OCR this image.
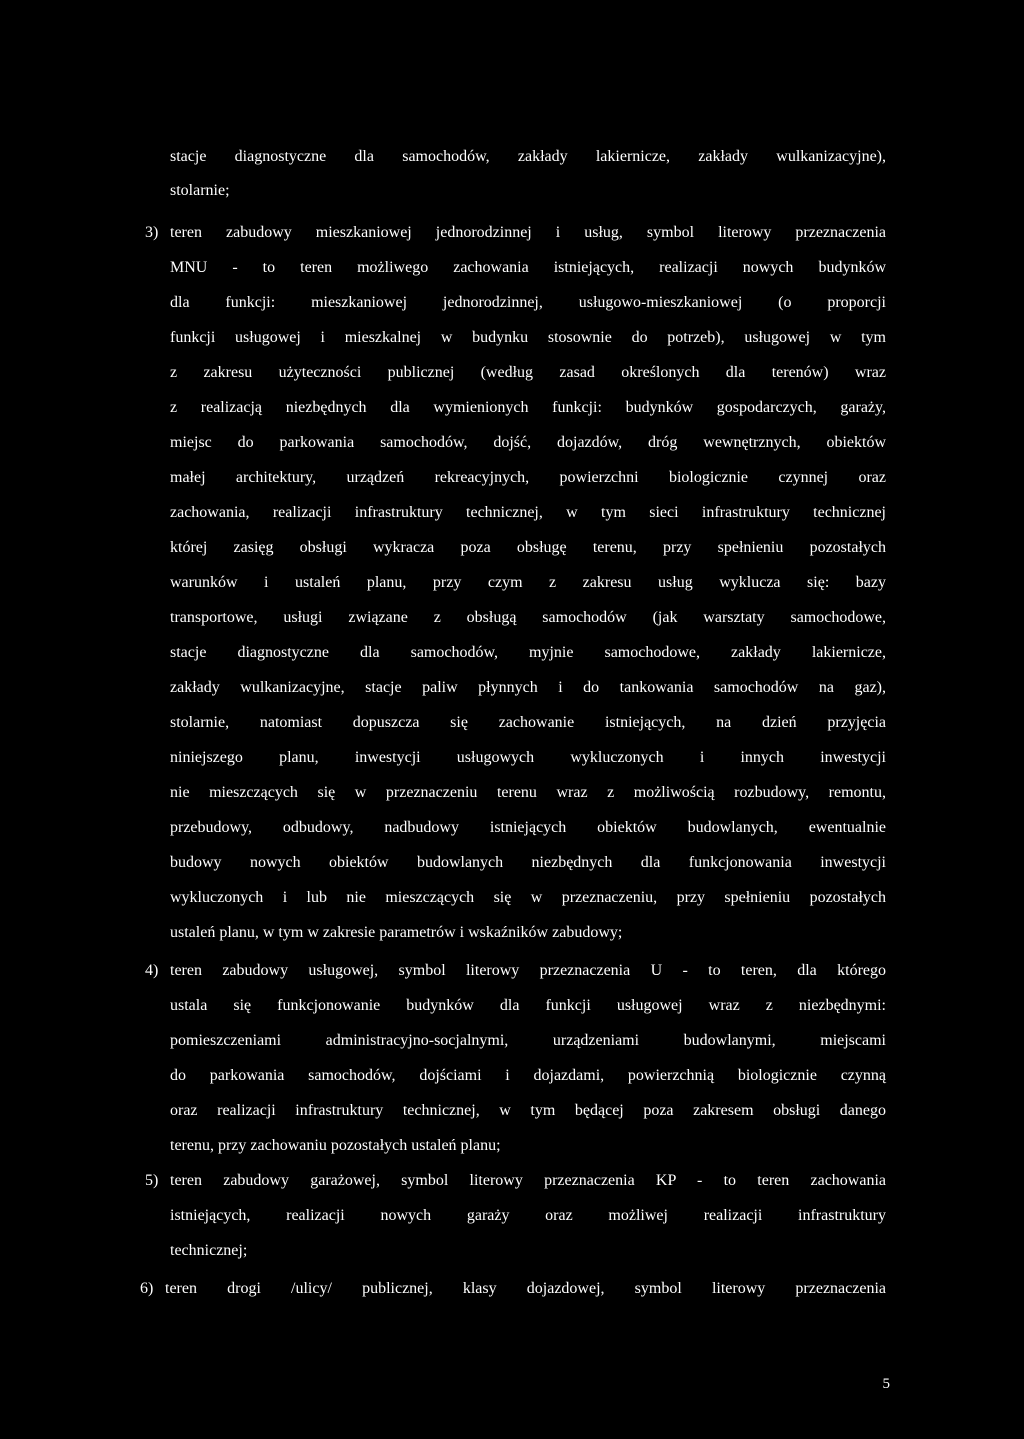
stacje diagnostyczne dla samochodów, zakłady lakiernicze, zakłady wulkanizacyjne),
stolarnie;
teren zabudowy mieszkaniowej jednorodzinnej i usług, symbol literowy przeznaczenia
MNU - to teren możliwego zachowania istniejących, realizacji nowych budynków
dla funkcji: mieszkaniowej jednorodzinnej, usługowo-mieszkaniowej (o proporcji
funkcji usługowej i mieszkalnej w budynku stosownie do potrzeb), usługowej w tym
z zakresu użyteczności publicznej (według zasad określonych dla terenów) wraz
z realizacją niezbędnych dla wymienionych funkcji: budynków gospodarczych, garaży,
miejsc do parkowania samochodów, dojść, dojazdów, dróg wewnętrznych, obiektów
małej architektury, urządzeń rekreacyjnych, powierzchni biologicznie czynnej oraz
zachowania, realizacji infrastruktury technicznej, w tym sieci infrastruktury technicznej
której zasięg obsługi wykracza poza obsługę terenu, przy spełnieniu pozostałych
warunków i ustaleń planu, przy czym z zakresu usług wyklucza się: bazy
transportowe, usługi związane z obsługą samochodów (jak warsztaty samochodowe,
stacje diagnostyczne dla samochodów, myjnie samochodowe, zakłady lakiernicze,
zakłady wulkanizacyjne, stacje paliw płynnych i do tankowania samochodów na gaz),
stolarnie, natomiast dopuszcza się zachowanie istniejących, na dzień przyjęcia
niniejszego planu, inwestycji usługowych wykluczonych i innych inwestycji
nie mieszczących się w przeznaczeniu terenu wraz z możliwością rozbudowy, remontu,
przebudowy, odbudowy, nadbudowy istniejących obiektów budowlanych, ewentualnie
budowy nowych obiektów budowlanych niezbędnych dla funkcjonowania inwestycji
wykluczonych i lub nie mieszczących się w przeznaczeniu, przy spełnieniu pozostałych
ustaleń planu, w tym w zakresie parametrów i wskaźników zabudowy;
teren zabudowy usługowej, symbol literowy przeznaczenia U - to teren, dla którego
ustala się funkcjonowanie budynków dla funkcji usługowej wraz z niezbędnymi:
pomieszczeniami administracyjno-socjalnymi, urządzeniami budowlanymi, miejscami
do parkowania samochodów, dojściami i dojazdami, powierzchnią biologicznie czynną
oraz realizacji infrastruktury technicznej, w tym będącej poza zakresem obsługi danego
terenu, przy zachowaniu pozostałych ustaleń planu;
teren zabudowy garażowej, symbol literowy przeznaczenia KP - to teren zachowania
istniejących, realizacji nowych garaży oraz możliwej realizacji infrastruktury
technicznej;
teren drogi /ulicy/ publicznej, klasy dojazdowej, symbol literowy przeznaczenia
3)
4)
5)
6)
5
